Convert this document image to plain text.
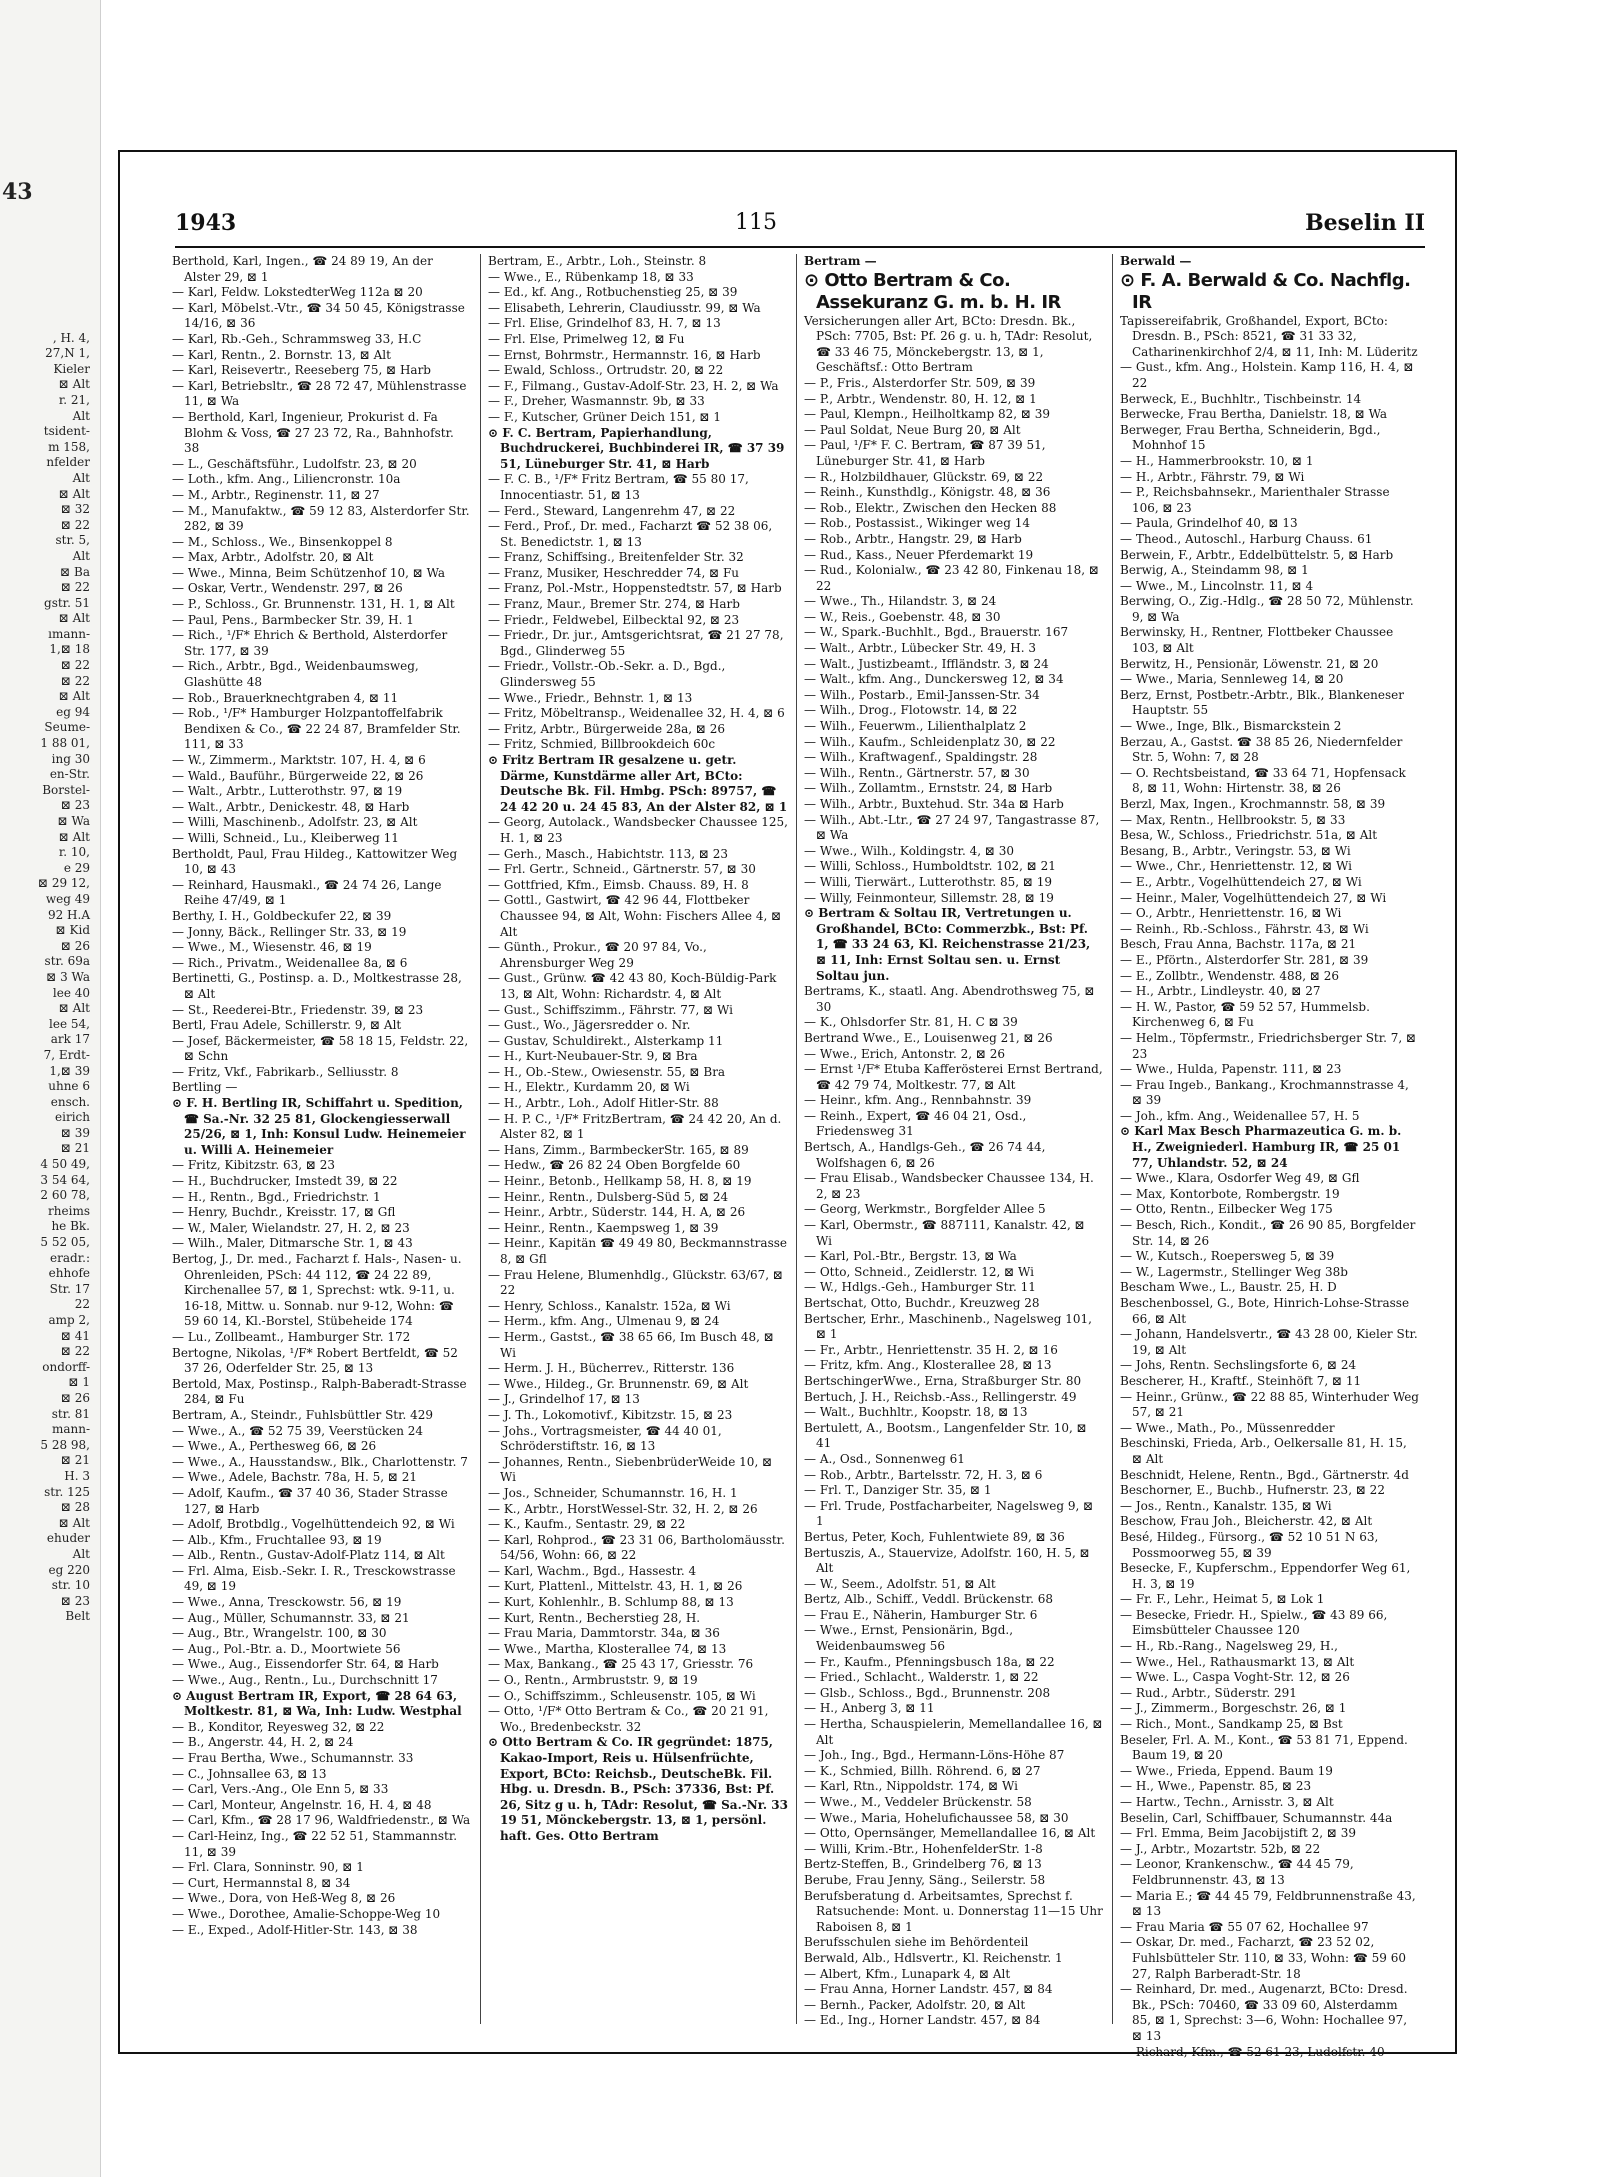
43
, H. 4,
27,N 1,
Kieler
⊠ Alt
r. 21,
Alt
tsident-
m 158,
nfelder
Alt
⊠ Alt
⊠ 32
⊠ 22
str. 5,
Alt
⊠ Ba
⊠ 22
gstr. 51
⊠ Alt
ımann-
1,⊠ 18
⊠ 22
⊠ 22
⊠ Alt
eg 94
Seume-
1 88 01,
ing 30
en-Str.
Borstel-
⊠ 23
⊠ Wa
⊠ Alt
r. 10,
e 29
⊠ 29 12,
weg 49
92 H.A
⊠ Kid
⊠ 26
str. 69a
⊠ 3 Wa
lee 40
⊠ Alt
lee 54,
ark 17
7, Erdt-
1,⊠ 39
uhne 6
ensch.
eirich
⊠ 39
⊠ 21
4 50 49,
3 54 64,
2 60 78,
rheims
he Bk.
5 52 05,
eradr.:
ehhofe
Str. 17
22
amp 2,
⊠ 41
⊠ 22
ondorff-
⊠ 1
⊠ 26
str. 81
mann-
5 28 98,
⊠ 21
H. 3
str. 125
⊠ 28
⊠ Alt
ehuder
Alt
eg 220
str. 10
⊠ 23
Belt
1943	115	Beselin II

Berthold, Karl, Ingen., ☎ 24 89 19, An der Alster 29, ⊠ 1

— Karl, Feldw. LokstedterWeg 112a ⊠ 20

— Karl, Möbelst.-Vtr., ☎ 34 50 45, Königstrasse 14/16, ⊠ 36

— Karl, Rb.-Geh., Schrammsweg 33, H.C

— Karl, Rentn., 2. Bornstr. 13, ⊠ Alt

— Karl, Reisevertr., Reeseberg 75, ⊠ Harb

— Karl, Betriebsltr., ☎ 28 72 47, Mühlenstrasse 11, ⊠ Wa

— Berthold, Karl, Ingenieur, Prokurist d. Fa Blohm & Voss, ☎ 27 23 72, Ra., Bahnhofstr. 38

— L., Geschäftsführ., Ludolfstr. 23, ⊠ 20

— Loth., kfm. Ang., Liliencronstr. 10a

— M., Arbtr., Reginenstr. 11, ⊠ 27

— M., Manufaktw., ☎ 59 12 83, Alsterdorfer Str. 282, ⊠ 39

— M., Schloss., We., Binsenkoppel 8

— Max, Arbtr., Adolfstr. 20, ⊠ Alt

— Wwe., Minna, Beim Schützenhof 10, ⊠ Wa

— Oskar, Vertr., Wendenstr. 297, ⊠ 26

— P., Schloss., Gr. Brunnenstr. 131, H. 1, ⊠ Alt

— Paul, Pens., Barmbecker Str. 39, H. 1

— Rich., ¹/F* Ehrich & Berthold, Alsterdorfer Str. 177, ⊠ 39

— Rich., Arbtr., Bgd., Weidenbaumsweg, Glashütte 48

— Rob., Brauerknechtgraben 4, ⊠ 11

— Rob., ¹/F* Hamburger Holzpantoffelfabrik Bendixen & Co., ☎ 22 24 87, Bramfelder Str. 111, ⊠ 33

— W., Zimmerm., Marktstr. 107, H. 4, ⊠ 6

— Wald., Bauführ., Bürgerweide 22, ⊠ 26

— Walt., Arbtr., Lutterothstr. 97, ⊠ 19

— Walt., Arbtr., Denickestr. 48, ⊠ Harb

— Willi, Maschinenb., Adolfstr. 23, ⊠ Alt

— Willi, Schneid., Lu., Kleiberweg 11

Bertholdt, Paul, Frau Hildeg., Kattowitzer Weg 10, ⊠ 43

— Reinhard, Hausmakl., ☎ 24 74 26, Lange Reihe 47/49, ⊠ 1

Berthy, I. H., Goldbeckufer 22, ⊠ 39

— Jonny, Bäck., Rellinger Str. 33, ⊠ 19

— Wwe., M., Wiesenstr. 46, ⊠ 19

— Rich., Privatm., Weidenallee 8a, ⊠ 6

Bertinetti, G., Postinsp. a. D., Moltkestrasse 28, ⊠ Alt

— St., Reederei-Btr., Friedenstr. 39, ⊠ 23

Bertl, Frau Adele, Schillerstr. 9, ⊠ Alt

— Josef, Bäckermeister, ☎ 58 18 15, Feldstr. 22, ⊠ Schn

— Fritz, Vkf., Fabrikarb., Selliusstr. 8

Bertling —

⊙ F. H. Bertling IR, Schiffahrt u. Spedition, ☎ Sa.-Nr. 32 25 81, Glockengiesserwall 25/26, ⊠ 1, Inh: Konsul Ludw. Heinemeier u. Willi A. Heinemeier

— Fritz, Kibitzstr. 63, ⊠ 23

— H., Buchdrucker, Imstedt 39, ⊠ 22

— H., Rentn., Bgd., Friedrichstr. 1

— Henry, Buchdr., Kreisstr. 17, ⊠ Gfl

— W., Maler, Wielandstr. 27, H. 2, ⊠ 23

— Wilh., Maler, Ditmarsche Str. 1, ⊠ 43

Bertog, J., Dr. med., Facharzt f. Hals-, Nasen- u. Ohrenleiden, PSch: 44 112, ☎ 24 22 89, Kirchenallee 57, ⊠ 1, Sprechst: wtk. 9-11, u. 16-18, Mittw. u. Sonnab. nur 9-12, Wohn: ☎ 59 60 14, Kl.-Borstel, Stübeheide 174

— Lu., Zollbeamt., Hamburger Str. 172

Bertogne, Nikolas, ¹/F* Robert Bertfeldt, ☎ 52 37 26, Oderfelder Str. 25, ⊠ 13

Bertold, Max, Postinsp., Ralph-Baberadt-Strasse 284, ⊠ Fu

Bertram, A., Steindr., Fuhlsbüttler Str. 429

— Wwe., A., ☎ 52 75 39, Veerstücken 24

— Wwe., A., Perthesweg 66, ⊠ 26

— Wwe., A., Hausstandsw., Blk., Charlottenstr. 7

— Wwe., Adele, Bachstr. 78a, H. 5, ⊠ 21

— Adolf, Kaufm., ☎ 37 40 36, Stader Strasse 127, ⊠ Harb

— Adolf, Brotbdlg., Vogelhüttendeich 92, ⊠ Wi

— Alb., Kfm., Fruchtallee 93, ⊠ 19

— Alb., Rentn., Gustav-Adolf-Platz 114, ⊠ Alt

— Frl. Alma, Eisb.-Sekr. I. R., Tresckowstrasse 49, ⊠ 19

— Wwe., Anna, Tresckowstr. 56, ⊠ 19

— Aug., Müller, Schumannstr. 33, ⊠ 21

— Aug., Btr., Wrangelstr. 100, ⊠ 30

— Aug., Pol.-Btr. a. D., Moortwiete 56

— Wwe., Aug., Eissendorfer Str. 64, ⊠ Harb

— Wwe., Aug., Rentn., Lu., Durchschnitt 17

⊙ August Bertram IR, Export, ☎ 28 64 63, Moltkestr. 81, ⊠ Wa, Inh: Ludw. Westphal

— B., Konditor, Reyesweg 32, ⊠ 22

— B., Angerstr. 44, H. 2, ⊠ 24

— Frau Bertha, Wwe., Schumannstr. 33

— C., Johnsallee 63, ⊠ 13

— Carl, Vers.-Ang., Ole Enn 5, ⊠ 33

— Carl, Monteur, Angelnstr. 16, H. 4, ⊠ 48

— Carl, Kfm., ☎ 28 17 96, Waldfriedenstr., ⊠ Wa

— Carl-Heinz, Ing., ☎ 22 52 51, Stammannstr. 11, ⊠ 39

— Frl. Clara, Sonninstr. 90, ⊠ 1

— Curt, Hermannstal 8, ⊠ 34

— Wwe., Dora, von Heß-Weg 8, ⊠ 26

— Wwe., Dorothee, Amalie-Schoppe-Weg 10

— E., Exped., Adolf-Hitler-Str. 143, ⊠ 38

Bertram, E., Arbtr., Loh., Steinstr. 8

— Wwe., E., Rübenkamp 18, ⊠ 33

— Ed., kf. Ang., Rotbuchenstieg 25, ⊠ 39

— Elisabeth, Lehrerin, Claudiusstr. 99, ⊠ Wa

— Frl. Elise, Grindelhof 83, H. 7, ⊠ 13

— Frl. Else, Primelweg 12, ⊠ Fu

— Ernst, Bohrmstr., Hermannstr. 16, ⊠ Harb

— Ewald, Schloss., Ortrudstr. 20, ⊠ 22

— F., Filmang., Gustav-Adolf-Str. 23, H. 2, ⊠ Wa

— F., Dreher, Wasmannstr. 9b, ⊠ 33

— F., Kutscher, Grüner Deich 151, ⊠ 1

⊙ F. C. Bertram, Papierhandlung, Buchdruckerei, Buchbinderei IR, ☎ 37 39 51, Lüneburger Str. 41, ⊠ Harb

— F. C. B., ¹/F* Fritz Bertram, ☎ 55 80 17, Innocentiastr. 51, ⊠ 13

— Ferd., Steward, Langenrehm 47, ⊠ 22

— Ferd., Prof., Dr. med., Facharzt ☎ 52 38 06, St. Benedictstr. 1, ⊠ 13

— Franz, Schiffsing., Breitenfelder Str. 32

— Franz, Musiker, Heschredder 74, ⊠ Fu

— Franz, Pol.-Mstr., Hoppenstedtstr. 57, ⊠ Harb

— Franz, Maur., Bremer Str. 274, ⊠ Harb

— Friedr., Feldwebel, Eilbecktal 92, ⊠ 23

— Friedr., Dr. jur., Amtsgerichtsrat, ☎ 21 27 78, Bgd., Glinderweg 55

— Friedr., Vollstr.-Ob.-Sekr. a. D., Bgd., Glindersweg 55

— Wwe., Friedr., Behnstr. 1, ⊠ 13

— Fritz, Möbeltransp., Weidenallee 32, H. 4, ⊠ 6

— Fritz, Arbtr., Bürgerweide 28a, ⊠ 26

— Fritz, Schmied, Billbrookdeich 60c

⊙ Fritz Bertram IR gesalzene u. getr. Därme, Kunstdärme aller Art, BCto: Deutsche Bk. Fil. Hmbg. PSch: 89757, ☎ 24 42 20 u. 24 45 83, An der Alster 82, ⊠ 1

— Georg, Autolack., Wandsbecker Chaussee 125, H. 1, ⊠ 23

— Gerh., Masch., Habichtstr. 113, ⊠ 23

— Frl. Gertr., Schneid., Gärtnerstr. 57, ⊠ 30

— Gottfried, Kfm., Eimsb. Chauss. 89, H. 8

— Gottl., Gastwirt, ☎ 42 96 44, Flottbeker Chaussee 94, ⊠ Alt, Wohn: Fischers Allee 4, ⊠ Alt

— Günth., Prokur., ☎ 20 97 84, Vo., Ahrensburger Weg 29

— Gust., Grünw. ☎ 42 43 80, Koch-Büldig-Park 13, ⊠ Alt, Wohn: Richardstr. 4, ⊠ Alt

— Gust., Schiffszimm., Fährstr. 77, ⊠ Wi

— Gust., Wo., Jägersredder o. Nr.

— Gustav, Schuldirekt., Alsterkamp 11

— H., Kurt-Neubauer-Str. 9, ⊠ Bra

— H., Ob.-Stew., Owiesenstr. 55, ⊠ Bra

— H., Elektr., Kurdamm 20, ⊠ Wi

— H., Arbtr., Loh., Adolf Hitler-Str. 88

— H. P. C., ¹/F* FritzBertram, ☎ 24 42 20, An d. Alster 82, ⊠ 1

— Hans, Zimm., BarmbeckerStr. 165, ⊠ 89

— Hedw., ☎ 26 82 24 Oben Borgfelde 60

— Heinr., Betonb., Hellkamp 58, H. 8, ⊠ 19

— Heinr., Rentn., Dulsberg-Süd 5, ⊠ 24

— Heinr., Arbtr., Süderstr. 144, H. A, ⊠ 26

— Heinr., Rentn., Kaempsweg 1, ⊠ 39

— Heinr., Kapitän ☎ 49 49 80, Beckmannstrasse 8, ⊠ Gfl

— Frau Helene, Blumenhdlg., Glückstr. 63/67, ⊠ 22

— Henry, Schloss., Kanalstr. 152a, ⊠ Wi

— Herm., kfm. Ang., Ulmenau 9, ⊠ 24

— Herm., Gastst., ☎ 38 65 66, Im Busch 48, ⊠ Wi

— Herm. J. H., Bücherrev., Ritterstr. 136

— Wwe., Hildeg., Gr. Brunnenstr. 69, ⊠ Alt

— J., Grindelhof 17, ⊠ 13

— J. Th., Lokomotivf., Kibitzstr. 15, ⊠ 23

— Johs., Vortragsmeister, ☎ 44 40 01, Schröderstiftstr. 16, ⊠ 13

— Johannes, Rentn., SiebenbrüderWeide 10, ⊠ Wi

— Jos., Schneider, Schumannstr. 16, H. 1

— K., Arbtr., HorstWessel-Str. 32, H. 2, ⊠ 26

— K., Kaufm., Sentastr. 29, ⊠ 22

— Karl, Rohprod., ☎ 23 31 06, Bartholomäusstr. 54/56, Wohn: 66, ⊠ 22

— Karl, Wachm., Bgd., Hassestr. 4

— Kurt, Plattenl., Mittelstr. 43, H. 1, ⊠ 26

— Kurt, Kohlenhlr., B. Schlump 88, ⊠ 13

— Kurt, Rentn., Becherstieg 28, H.

— Frau Maria, Dammtorstr. 34a, ⊠ 36

— Wwe., Martha, Klosterallee 74, ⊠ 13

— Max, Bankang., ☎ 25 43 17, Griesstr. 76

— O., Rentn., Armbruststr. 9, ⊠ 19

— O., Schiffszimm., Schleusenstr. 105, ⊠ Wi

— Otto, ¹/F* Otto Bertram & Co., ☎ 20 21 91, Wo., Bredenbeckstr. 32

⊙ Otto Bertram & Co. IR gegründet: 1875, Kakao-Import, Reis u. Hülsenfrüchte, Export, BCto: Reichsb., DeutscheBk. Fil. Hbg. u. Dresdn. B., PSch: 37336, Bst: Pf. 26, Sitz g u. h, TAdr: Resolut, ☎ Sa.-Nr. 33 19 51, Mönckebergstr. 13, ⊠ 1, persönl. haft. Ges. Otto Bertram

Bertram —

⊙ Otto Bertram & Co. Assekuranz G. m. b. H. IR

Versicherungen aller Art, BCto: Dresdn. Bk., PSch: 7705, Bst: Pf. 26 g. u. h, TAdr: Resolut, ☎ 33 46 75, Mönckebergstr. 13, ⊠ 1, Geschäftsf.: Otto Bertram

— P., Fris., Alsterdorfer Str. 509, ⊠ 39

— P., Arbtr., Wendenstr. 80, H. 12, ⊠ 1

— Paul, Klempn., Heilholtkamp 82, ⊠ 39

— Paul Soldat, Neue Burg 20, ⊠ Alt

— Paul, ¹/F* F. C. Bertram, ☎ 87 39 51, Lüneburger Str. 41, ⊠ Harb

— R., Holzbildhauer, Glückstr. 69, ⊠ 22

— Reinh., Kunsthdlg., Königstr. 48, ⊠ 36

— Rob., Elektr., Zwischen den Hecken 88

— Rob., Postassist., Wikinger weg 14

— Rob., Arbtr., Hangstr. 29, ⊠ Harb

— Rud., Kass., Neuer Pferdemarkt 19

— Rud., Kolonialw., ☎ 23 42 80, Finkenau 18, ⊠ 22

— Wwe., Th., Hilandstr. 3, ⊠ 24

— W., Reis., Goebenstr. 48, ⊠ 30

— W., Spark.-Buchhlt., Bgd., Brauerstr. 167

— Walt., Arbtr., Lübecker Str. 49, H. 3

— Walt., Justizbeamt., Iffländstr. 3, ⊠ 24

— Walt., kfm. Ang., Dunckersweg 12, ⊠ 34

— Wilh., Postarb., Emil-Janssen-Str. 34

— Wilh., Drog., Flotowstr. 14, ⊠ 22

— Wilh., Feuerwm., Lilienthalplatz 2

— Wilh., Kaufm., Schleidenplatz 30, ⊠ 22

— Wilh., Kraftwagenf., Spaldingstr. 28

— Wilh., Rentn., Gärtnerstr. 57, ⊠ 30

— Wilh., Zollamtm., Ernststr. 24, ⊠ Harb

— Wilh., Arbtr., Buxtehud. Str. 34a ⊠ Harb

— Wilh., Abt.-Ltr., ☎ 27 24 97, Tangastrasse 87, ⊠ Wa

— Wwe., Wilh., Koldingstr. 4, ⊠ 30

— Willi, Schloss., Humboldtstr. 102, ⊠ 21

— Willi, Tierwärt., Lutterothstr. 85, ⊠ 19

— Willy, Feinmonteur, Sillemstr. 28, ⊠ 19

⊙ Bertram & Soltau IR, Vertretungen u. Großhandel, BCto: Commerzbk., Bst: Pf. 1, ☎ 33 24 63, Kl. Reichenstrasse 21/23, ⊠ 11, Inh: Ernst Soltau sen. u. Ernst Soltau jun.

Bertrams, K., staatl. Ang. Abendrothsweg 75, ⊠ 30

— K., Ohlsdorfer Str. 81, H. C ⊠ 39

Bertrand Wwe., E., Louisenweg 21, ⊠ 26

— Wwe., Erich, Antonstr. 2, ⊠ 26

— Ernst ¹/F* Etuba Kafferösterei Ernst Bertrand, ☎ 42 79 74, Moltkestr. 77, ⊠ Alt

— Heinr., kfm. Ang., Rennbahnstr. 39

— Reinh., Expert, ☎ 46 04 21, Osd., Friedensweg 31

Bertsch, A., Handlgs-Geh., ☎ 26 74 44, Wolfshagen 6, ⊠ 26

— Frau Elisab., Wandsbecker Chaussee 134, H. 2, ⊠ 23

— Georg, Werkmstr., Borgfelder Allee 5

— Karl, Obermstr., ☎ 887111, Kanalstr. 42, ⊠ Wi

— Karl, Pol.-Btr., Bergstr. 13, ⊠ Wa

— Otto, Schneid., Zeidlerstr. 12, ⊠ Wi

— W., Hdlgs.-Geh., Hamburger Str. 11

Bertschat, Otto, Buchdr., Kreuzweg 28

Bertscher, Erhr., Maschinenb., Nagelsweg 101, ⊠ 1

— Fr., Arbtr., Henriettenstr. 35 H. 2, ⊠ 16

— Fritz, kfm. Ang., Klosterallee 28, ⊠ 13

BertschingerWwe., Erna, Straßburger Str. 80

Bertuch, J. H., Reichsb.-Ass., Rellingerstr. 49

— Walt., Buchhltr., Koopstr. 18, ⊠ 13

Bertulett, A., Bootsm., Langenfelder Str. 10, ⊠ 41

— A., Osd., Sonnenweg 61

— Rob., Arbtr., Bartelsstr. 72, H. 3, ⊠ 6

— Frl. T., Danziger Str. 35, ⊠ 1

— Frl. Trude, Postfacharbeiter, Nagelsweg 9, ⊠ 1

Bertus, Peter, Koch, Fuhlentwiete 89, ⊠ 36

Bertuszis, A., Stauervize, Adolfstr. 160, H. 5, ⊠ Alt

— W., Seem., Adolfstr. 51, ⊠ Alt

Bertz, Alb., Schiff., Veddl. Brückenstr. 68

— Frau E., Näherin, Hamburger Str. 6

— Wwe., Ernst, Pensionärin, Bgd., Weidenbaumsweg 56

— Fr., Kaufm., Pfenningsbusch 18a, ⊠ 22

— Fried., Schlacht., Walderstr. 1, ⊠ 22

— Glsb., Schloss., Bgd., Brunnenstr. 208

— H., Anberg 3, ⊠ 11

— Hertha, Schauspielerin, Memellandallee 16, ⊠ Alt

— Joh., Ing., Bgd., Hermann-Löns-Höhe 87

— K., Schmied, Billh. Röhrend. 6, ⊠ 27

— Karl, Rtn., Nippoldstr. 174, ⊠ Wi

— Wwe., M., Veddeler Brückenstr. 58

— Wwe., Maria, Hohelufichaussee 58, ⊠ 30

— Otto, Opernsänger, Memellandallee 16, ⊠ Alt

— Willi, Krim.-Btr., HohenfelderStr. 1-8

Bertz-Steffen, B., Grindelberg 76, ⊠ 13

Berube, Frau Jenny, Säng., Seilerstr. 58

Berufsberatung d. Arbeitsamtes, Sprechst f. Ratsuchende: Mont. u. Donnerstag 11—15 Uhr Raboisen 8, ⊠ 1

Berufsschulen siehe im Behördenteil

Berwald, Alb., Hdlsvertr., Kl. Reichenstr. 1

— Albert, Kfm., Lunapark 4, ⊠ Alt

— Frau Anna, Horner Landstr. 457, ⊠ 84

— Bernh., Packer, Adolfstr. 20, ⊠ Alt

— Ed., Ing., Horner Landstr. 457, ⊠ 84

Berwald —

⊙ F. A. Berwald & Co. Nachflg. IR

Tapissereifabrik, Großhandel, Export, BCto: Dresdn. B., PSch: 8521, ☎ 31 33 32, Catharinenkirchhof 2/4, ⊠ 11, Inh: M. Lüderitz

— Gust., kfm. Ang., Holstein. Kamp 116, H. 4, ⊠ 22

Berweck, E., Buchhltr., Tischbeinstr. 14

Berwecke, Frau Bertha, Danielstr. 18, ⊠ Wa

Berweger, Frau Bertha, Schneiderin, Bgd., Mohnhof 15

— H., Hammerbrookstr. 10, ⊠ 1

— H., Arbtr., Fährstr. 79, ⊠ Wi

— P., Reichsbahnsekr., Marienthaler Strasse 106, ⊠ 23

— Paula, Grindelhof 40, ⊠ 13

— Theod., Autoschl., Harburg Chauss. 61

Berwein, F., Arbtr., Eddelbüttelstr. 5, ⊠ Harb

Berwig, A., Steindamm 98, ⊠ 1

— Wwe., M., Lincolnstr. 11, ⊠ 4

Berwing, O., Zig.-Hdlg., ☎ 28 50 72, Mühlenstr. 9, ⊠ Wa

Berwinsky, H., Rentner, Flottbeker Chaussee 103, ⊠ Alt

Berwitz, H., Pensionär, Löwenstr. 21, ⊠ 20

— Wwe., Maria, Sennleweg 14, ⊠ 20

Berz, Ernst, Postbetr.-Arbtr., Blk., Blankeneser Hauptstr. 55

— Wwe., Inge, Blk., Bismarckstein 2

Berzau, A., Gastst. ☎ 38 85 26, Niedernfelder Str. 5, Wohn: 7, ⊠ 28

— O. Rechtsbeistand, ☎ 33 64 71, Hopfensack 8, ⊠ 11, Wohn: Hirtenstr. 38, ⊠ 26

Berzl, Max, Ingen., Krochmannstr. 58, ⊠ 39

— Max, Rentn., Hellbrookstr. 5, ⊠ 33

Besa, W., Schloss., Friedrichstr. 51a, ⊠ Alt

Besang, B., Arbtr., Veringstr. 53, ⊠ Wi

— Wwe., Chr., Henriettenstr. 12, ⊠ Wi

— E., Arbtr., Vogelhüttendeich 27, ⊠ Wi

— Heinr., Maler, Vogelhüttendeich 27, ⊠ Wi

— O., Arbtr., Henriettenstr. 16, ⊠ Wi

— Reinh., Rb.-Schloss., Fährstr. 43, ⊠ Wi

Besch, Frau Anna, Bachstr. 117a, ⊠ 21

— E., Pförtn., Alsterdorfer Str. 281, ⊠ 39

— E., Zollbtr., Wendenstr. 488, ⊠ 26

— H., Arbtr., Lindleystr. 40, ⊠ 27

— H. W., Pastor, ☎ 59 52 57, Hummelsb. Kirchenweg 6, ⊠ Fu

— Helm., Töpfermstr., Friedrichsberger Str. 7, ⊠ 23

— Wwe., Hulda, Papenstr. 111, ⊠ 23

— Frau Ingeb., Bankang., Krochmannstrasse 4, ⊠ 39

— Joh., kfm. Ang., Weidenallee 57, H. 5

⊙ Karl Max Besch Pharmazeutica G. m. b. H., Zweigniederl. Hamburg IR, ☎ 25 01 77, Uhlandstr. 52, ⊠ 24

— Wwe., Klara, Osdorfer Weg 49, ⊠ Gfl

— Max, Kontorbote, Rombergstr. 19

— Otto, Rentn., Eilbecker Weg 175

— Besch, Rich., Kondit., ☎ 26 90 85, Borgfelder Str. 14, ⊠ 26

— W., Kutsch., Roepersweg 5, ⊠ 39

— W., Lagermstr., Stellinger Weg 38b

Bescham Wwe., L., Baustr. 25, H. D

Beschenbossel, G., Bote, Hinrich-Lohse-Strasse 66, ⊠ Alt

— Johann, Handelsvertr., ☎ 43 28 00, Kieler Str. 19, ⊠ Alt

— Johs, Rentn. Sechslingsforte 6, ⊠ 24

Bescherer, H., Kraftf., Steinhöft 7, ⊠ 11

— Heinr., Grünw., ☎ 22 88 85, Winterhuder Weg 57, ⊠ 21

— Wwe., Math., Po., Müssenredder

Beschinski, Frieda, Arb., Oelkersalle 81, H. 15, ⊠ Alt

Beschnidt, Helene, Rentn., Bgd., Gärtnerstr. 4d

Beschorner, E., Buchb., Hufnerstr. 23, ⊠ 22

— Jos., Rentn., Kanalstr. 135, ⊠ Wi

Beschow, Frau Joh., Bleicherstr. 42, ⊠ Alt

Besé, Hildeg., Fürsorg., ☎ 52 10 51 N 63, Possmoorweg 55, ⊠ 39

Besecke, F., Kupferschm., Eppendorfer Weg 61, H. 3, ⊠ 19

— Fr. F., Lehr., Heimat 5, ⊠ Lok 1

— Besecke, Friedr. H., Spielw., ☎ 43 89 66, Eimsbütteler Chaussee 120

— H., Rb.-Rang., Nagelsweg 29, H.,

— Wwe., Hel., Rathausmarkt 13, ⊠ Alt

— Wwe. L., Caspa Voght-Str. 12, ⊠ 26

— Rud., Arbtr., Süderstr. 291

— J., Zimmerm., Borgeschstr. 26, ⊠ 1

— Rich., Mont., Sandkamp 25, ⊠ Bst

Beseler, Frl. A. M., Kont., ☎ 53 81 71, Eppend. Baum 19, ⊠ 20

— Wwe., Frieda, Eppend. Baum 19

— H., Wwe., Papenstr. 85, ⊠ 23

— Hartw., Techn., Arnisstr. 3, ⊠ Alt

Beselin, Carl, Schiffbauer, Schumannstr. 44a

— Frl. Emma, Beim Jacobijstift 2, ⊠ 39

— J., Arbtr., Mozartstr. 52b, ⊠ 22

— Leonor, Krankenschw., ☎ 44 45 79, Feldbrunnenstr. 43, ⊠ 13

— Maria E.; ☎ 44 45 79, Feldbrunnenstraße 43, ⊠ 13

— Frau Maria ☎ 55 07 62, Hochallee 97

— Oskar, Dr. med., Facharzt, ☎ 23 52 02, Fuhlsbütteler Str. 110, ⊠ 33, Wohn: ☎ 59 60 27, Ralph Barberadt-Str. 18

— Reinhard, Dr. med., Augenarzt, BCto: Dresd. Bk., PSch: 70460, ☎ 33 09 60, Alsterdamm 85, ⊠ 1, Sprechst: 3—6, Wohn: Hochallee 97, ⊠ 13

— Richard, Kfm., ☎ 52 61 23, Ludolfstr. 40
